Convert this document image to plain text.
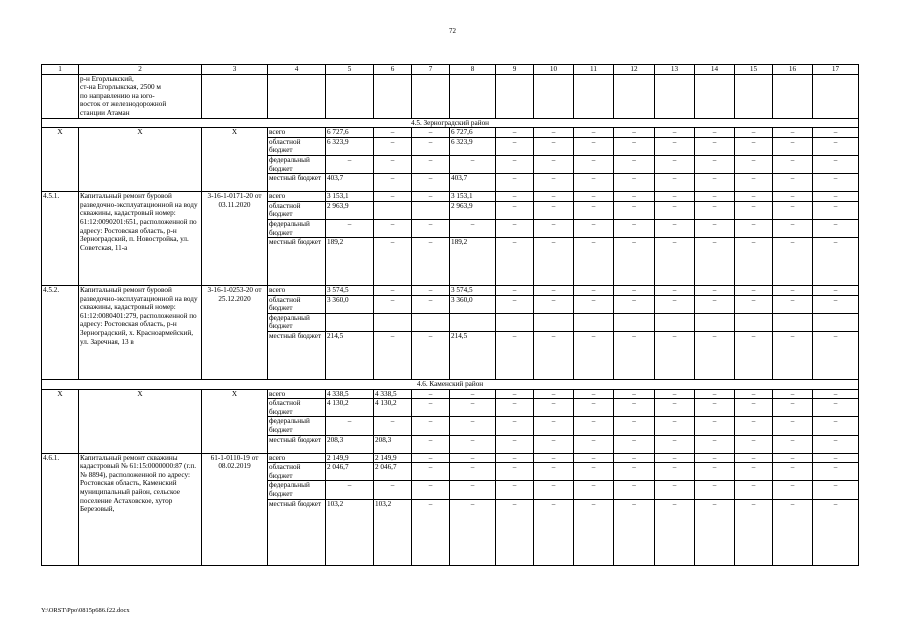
72
1	2	3	4	5	6	7	8	9	10	11	12	13	14	15	16	17
	р-н Егорлыкский,
ст-на Егорлыкская, 2500 м
по направлению на юго-
восток от железнодорожной
станции Атаман															
4.5. Зерноградский район																
Х	Х	Х	всего	6 727,6	–	–	6 727,6	–	–	–	–	–	–	–	–	–
			областной бюджет	6 323,9	–	–	6 323,9	–	–	–	–	–	–	–	–	–
			федеральный бюджет	–	–	–	–	–	–	–	–	–	–	–	–	–
			местный бюджет	403,7	–	–	403,7	–	–	–	–	–	–	–	–	–
4.5.1.	Капитальный ремонт буровой разведочно-эксплуатационной на воду скважины, кадастровый номер: 61:12:0090201:651, расположенной по адресу: Ростовская область, р-н Зерноградский, п. Новостройка, ул. Советская, 11-а	3-16-1-0171-20 от 03.11.2020	всего	3 153,1	–	–	3 153,1	–	–	–	–	–	–	–	–	–
			областной бюджет	2 963,9			2 963,9	–	–	–	–	–	–	–	–	–
			федеральный бюджет	–	–	–	–	–	–	–	–	–	–	–	–	–
			местный бюджет	189,2	–	–	189,2	–	–	–	–	–	–	–	–	–
4.5.2.	Капитальный ремонт буровой разведочно-эксплуатационной на воду скважины, кадастровый номер: 61:12:0080401:279, расположенной по адресу: Ростовская область, р-н Зерноградский, х. Красноармейский, ул. Заречная, 13 в	3-16-1-0253-20 от 25.12.2020	всего	3 574,5	–	–	3 574,5	–	–	–	–	–	–	–	–	–
			областной бюджет	3 360,0	–	–	3 360,0	–	–	–	–	–	–	–	–	–
			федеральный бюджет													
			местный бюджет	214,5	–	–	214,5	–	–	–	–	–	–	–	–	–
4.6. Каменский район																
Х	Х	Х	всего	4 338,5	4 338,5	–	–	–	–	–	–	–	–	–	–	–
			областной бюджет	4 130,2	4 130,2	–	–	–	–	–	–	–	–	–	–	–
			федеральный бюджет	–	–	–	–	–	–	–	–	–	–	–	–	–
			местный бюджет	208,3	208,3	–	–	–	–	–	–	–	–	–	–	–
4.6.1.	Капитальный ремонт скважины кадастровый № 61:15:0000000:87 (г.п. № 8894), расположенной по адресу: Ростовская область, Каменский муниципальный район, сельское поселение Астаховское, хутор Березовый,	61-1-0110-19 от 08.02.2019	всего	2 149,9	2 149,9	–	–	–	–	–	–	–	–	–	–	–
			областной бюджет	2 046,7	2 046,7	–	–	–	–	–	–	–	–	–	–	–
			федеральный бюджет	–	–	–	–	–	–	–	–	–	–	–	–	–
			местный бюджет	103,2	103,2	–	–	–	–	–	–	–	–	–	–	–
Y:\ORST\Ppo\0815p686.f22.docx
